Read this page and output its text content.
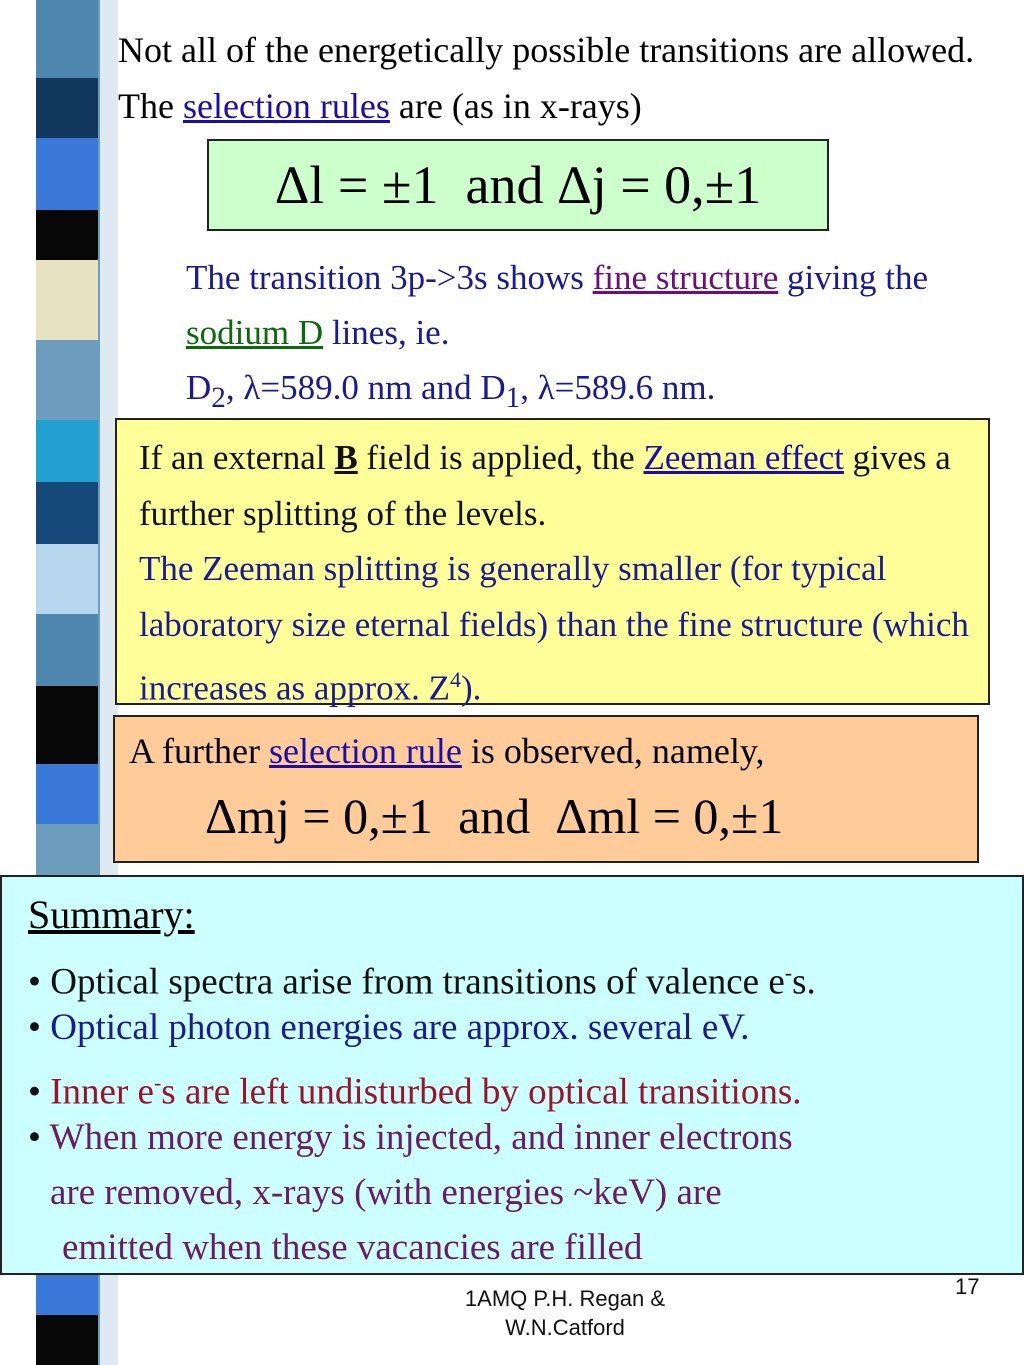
Not all of the energetically possible transitions are allowed. The selection rules are (as in x-rays)

Δl = ±1  and Δj = 0,±1

The transition 3p->3s shows fine structure giving the sodium D lines, ie.
$D_2$, λ=589.0 nm and $D_1$, λ=589.6 nm.

If an external B field is applied, the Zeeman effect gives a further splitting of the levels.
The Zeeman splitting is generally smaller (for typical laboratory size eternal fields) than the fine structure (which increases as approx. $Z^4$).

A further selection rule is observed, namely,
Δmj = 0,±1  and  Δml = 0,±1
Summary:
• Optical spectra arise from transitions of valence e-s.
• Optical photon energies are approx. several eV.
• Inner e-s are left undisturbed by optical transitions.
• When more energy is injected, and inner electrons
are removed, x-rays (with energies ~keV) are
emitted when these vacancies are filled
1AMQ P.H. Regan &
W.N.Catford
17
